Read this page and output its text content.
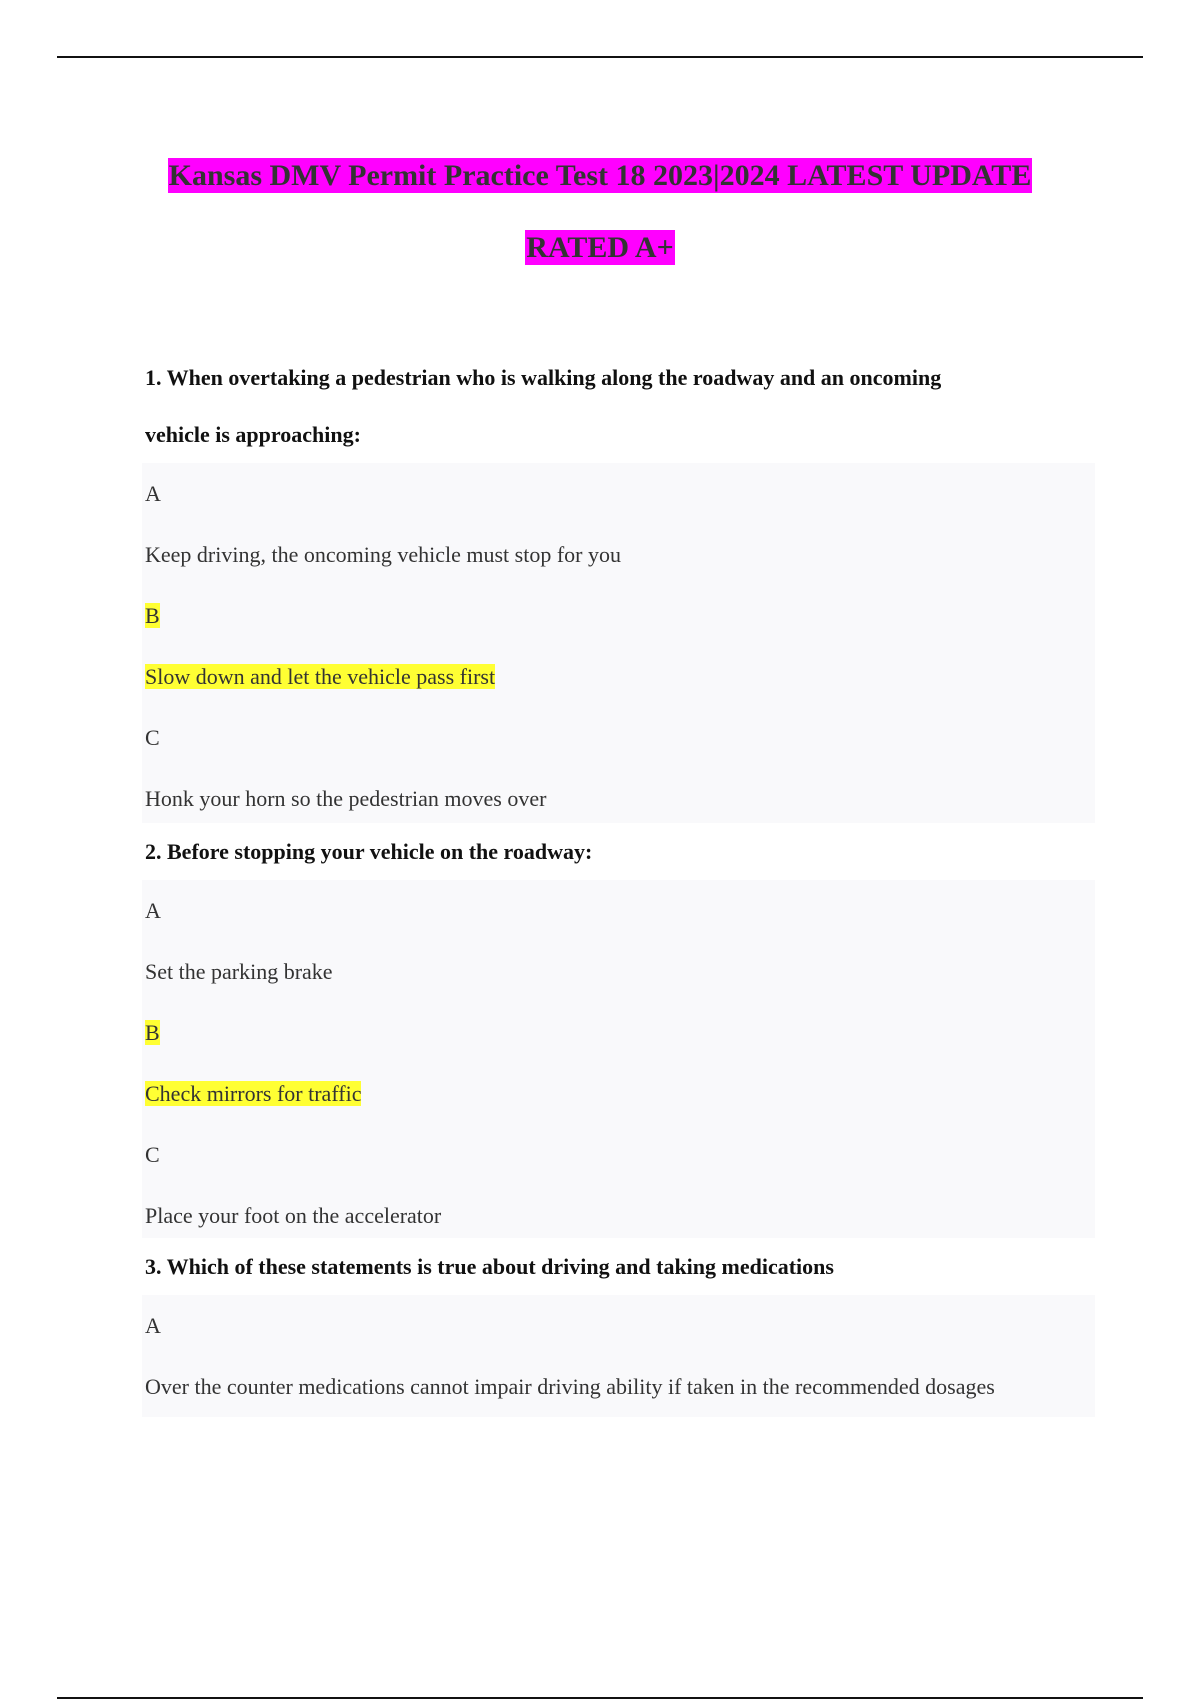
Kansas DMV Permit Practice Test 18 2023|2024 LATEST UPDATE
RATED A+

1. When overtaking a pedestrian who is walking along the roadway and an oncoming

vehicle is approaching:

A

Keep driving, the oncoming vehicle must stop for you

B

Slow down and let the vehicle pass first

C

Honk your horn so the pedestrian moves over

2. Before stopping your vehicle on the roadway:

A

Set the parking brake

B

Check mirrors for traffic

C

Place your foot on the accelerator

3. Which of these statements is true about driving and taking medications

A

Over the counter medications cannot impair driving ability if taken in the recommended dosages
